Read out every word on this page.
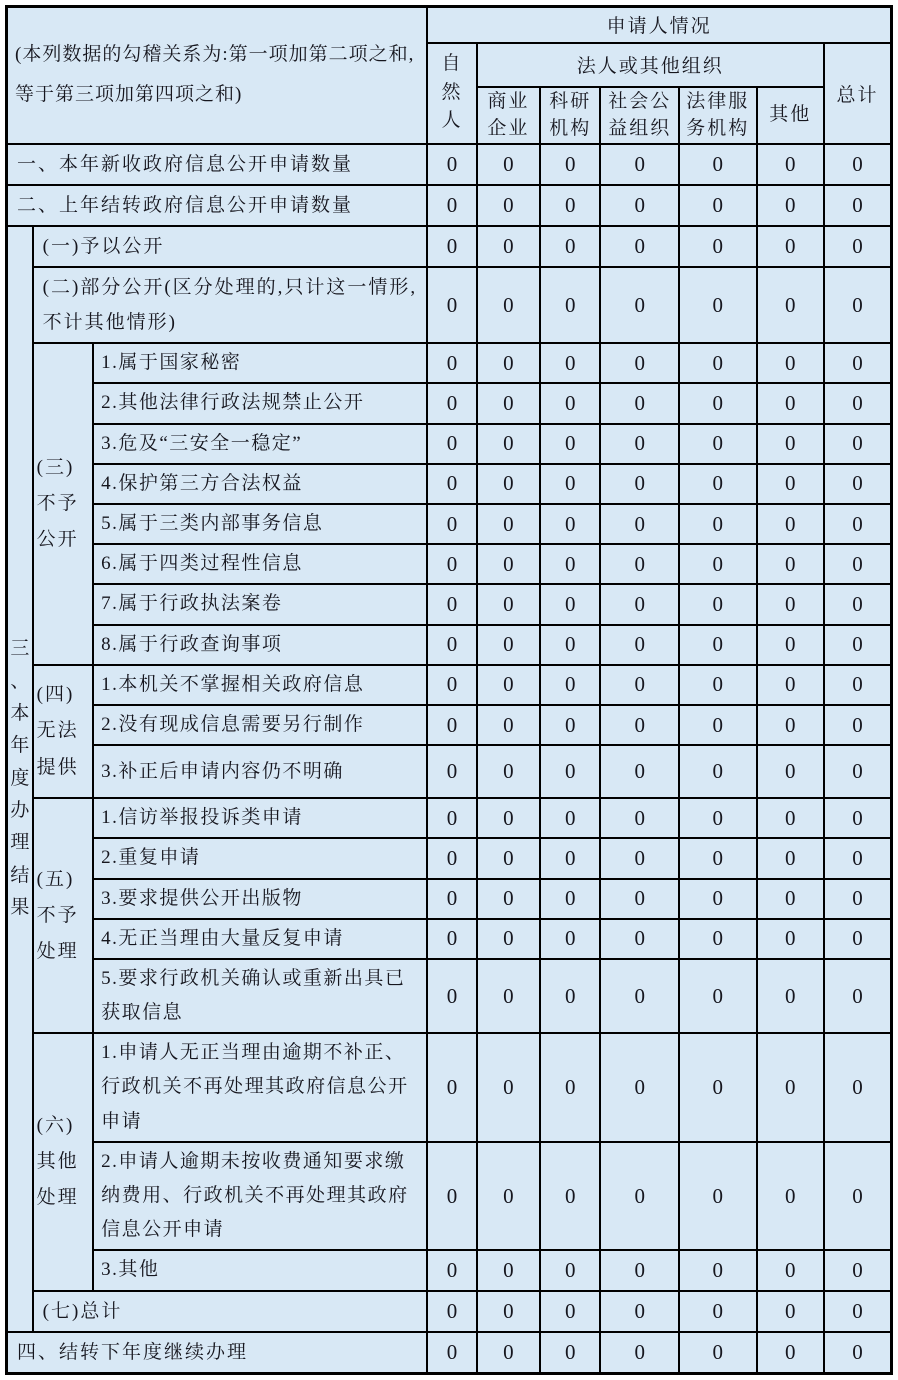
(本列数据的勾稽关系为:第一项加第二项之和,等于第三项加第四项之和)			申请人情况						
			自然人	法人或其他组织					总计
				商业企业	科研机构	社会公益组织	法律服务机构	其他	
一、本年新收政府信息公开申请数量			0	0	0	0	0	0	0
二、上年结转政府信息公开申请数量			0	0	0	0	0	0	0
三、本年度办理结果	(一)予以公开		0	0	0	0	0	0	0
	(二)部分公开(区分处理的,只计这一情形,不计其他情形)		0	0	0	0	0	0	0
	(三)不予公开	1.属于国家秘密	0	0	0	0	0	0	0
		2.其他法律行政法规禁止公开	0	0	0	0	0	0	0
		3.危及“三安全一稳定”	0	0	0	0	0	0	0
		4.保护第三方合法权益	0	0	0	0	0	0	0
		5.属于三类内部事务信息	0	0	0	0	0	0	0
		6.属于四类过程性信息	0	0	0	0	0	0	0
		7.属于行政执法案卷	0	0	0	0	0	0	0
		8.属于行政查询事项	0	0	0	0	0	0	0
	(四)无法提供	1.本机关不掌握相关政府信息	0	0	0	0	0	0	0
		2.没有现成信息需要另行制作	0	0	0	0	0	0	0
		3.补正后申请内容仍不明确	0	0	0	0	0	0	0
	(五)不予处理	1.信访举报投诉类申请	0	0	0	0	0	0	0
		2.重复申请	0	0	0	0	0	0	0
		3.要求提供公开出版物	0	0	0	0	0	0	0
		4.无正当理由大量反复申请	0	0	0	0	0	0	0
		5.要求行政机关确认或重新出具已获取信息	0	0	0	0	0	0	0
	(六)其他处理	1.申请人无正当理由逾期不补正、行政机关不再处理其政府信息公开申请	0	0	0	0	0	0	0
		2.申请人逾期未按收费通知要求缴纳费用、行政机关不再处理其政府信息公开申请	0	0	0	0	0	0	0
		3.其他	0	0	0	0	0	0	0
	(七)总计		0	0	0	0	0	0	0
四、结转下年度继续办理			0	0	0	0	0	0	0
